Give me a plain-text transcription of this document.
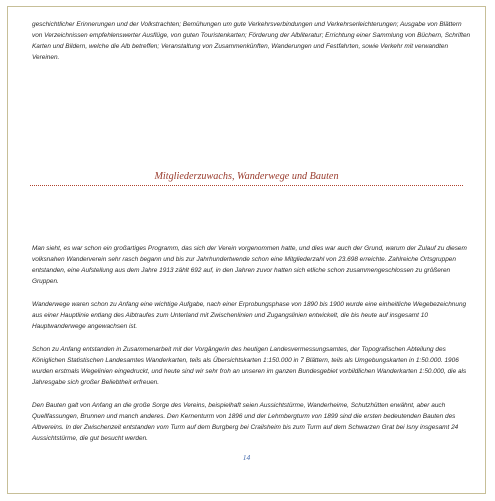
geschichtlicher Erinnerungen und der Volkstrachten; Bemühungen um gute Verkehrsverbindungen und Verkehrserleichterungen; Ausgabe von Blättern von Verzeichnissen empfehlenswerter Ausflüge, von guten Touristenkarten; Förderung der Albliteratur; Errichtung einer Sammlung von Büchern, Schriften Karten und Bildern, welche die Alb betreffen; Veranstaltung von Zusammenkünften, Wanderungen und Festfahrten, sowie Verkehr mit verwandten Vereinen.

Mitgliederzuwachs, Wanderwege und Bauten

Man sieht, es war schon ein großartiges Programm, das sich der Verein vorgenommen hatte, und dies war auch der Grund, warum der Zulauf zu diesem volksnahen Wanderverein sehr rasch begann und bis zur Jahrhundertwende schon eine Mitgliederzahl von 23.698 erreichte. Zahlreiche Ortsgruppen entstanden, eine Aufstellung aus dem Jahre 1913 zählt 692 auf, in den Jahren zuvor hatten sich etliche schon zusammengeschlossen zu größeren Gruppen.

Wanderwege waren schon zu Anfang eine wichtige Aufgabe, nach einer Erprobungsphase von 1890 bis 1900 wurde eine einheitliche Wegebezeichnung aus einer Hauptlinie entlang des Albtraufes zum Unterland mit Zwischenlinien und Zugangslinien entwickelt, die bis heute auf insgesamt 10 Hauptwanderwege angewachsen ist.

Schon zu Anfang entstanden in Zusammenarbeit mit der Vorgängerin des heutigen Landesvermessungsamtes, der Topografischen Abteilung des Königlichen Statistischen Landesamtes Wanderkarten, teils als Übersichtskarten 1:150.000 in 7 Blättern, teils als Umgebungskarten in 1:50.000. 1906 wurden erstmals Wegelinien eingedruckt, und heute sind wir sehr froh an unseren im ganzen Bundesgebiet vorbildlichen Wanderkarten 1:50.000, die als Jahresgabe sich großer Beliebtheit erfreuen.

Den Bauten galt von Anfang an die große Sorge des Vereins, beispielhaft seien Aussichtstürme, Wanderheime, Schutzhütten erwähnt, aber auch Quellfassungen, Brunnen und manch anderes. Den Kernenturm von 1896 und der Lehmbergturm von 1899 sind die ersten bedeutenden Bauten des Albvereins. In der Zwischenzeit entstanden vom Turm auf dem Burgberg bei Crailsheim bis zum Turm auf dem Schwarzen Grat bei Isny insgesamt 24 Aussichtstürme, die gut besucht werden.

14
